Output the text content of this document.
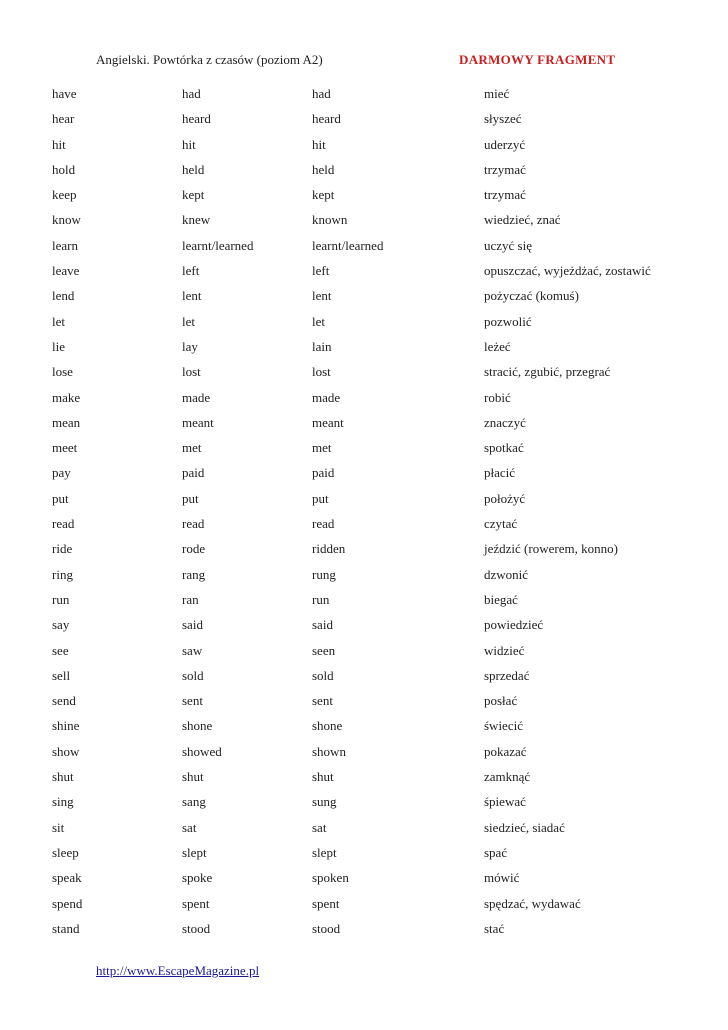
Angielski. Powtórka z czasów (poziom A2)	DARMOWY FRAGMENT
have	had	had	mieć
hear	heard	heard	słyszeć
hit	hit	hit	uderzyć
hold	held	held	trzymać
keep	kept	kept	trzymać
know	knew	known	wiedzieć, znać
learn	learnt/learned	learnt/learned	uczyć się
leave	left	left	opuszczać, wyjeżdżać, zostawić
lend	lent	lent	pożyczać (komuś)
let	let	let	pozwolić
lie	lay	lain	leżeć
lose	lost	lost	stracić, zgubić, przegrać
make	made	made	robić
mean	meant	meant	znaczyć
meet	met	met	spotkać
pay	paid	paid	płacić
put	put	put	położyć
read	read	read	czytać
ride	rode	ridden	jeździć (rowerem, konno)
ring	rang	rung	dzwonić
run	ran	run	biegać
say	said	said	powiedzieć
see	saw	seen	widzieć
sell	sold	sold	sprzedać
send	sent	sent	posłać
shine	shone	shone	świecić
show	showed	shown	pokazać
shut	shut	shut	zamknąć
sing	sang	sung	śpiewać
sit	sat	sat	siedzieć, siadać
sleep	slept	slept	spać
speak	spoke	spoken	mówić
spend	spent	spent	spędzać, wydawać
stand	stood	stood	stać
http://www.EscapeMagazine.pl
